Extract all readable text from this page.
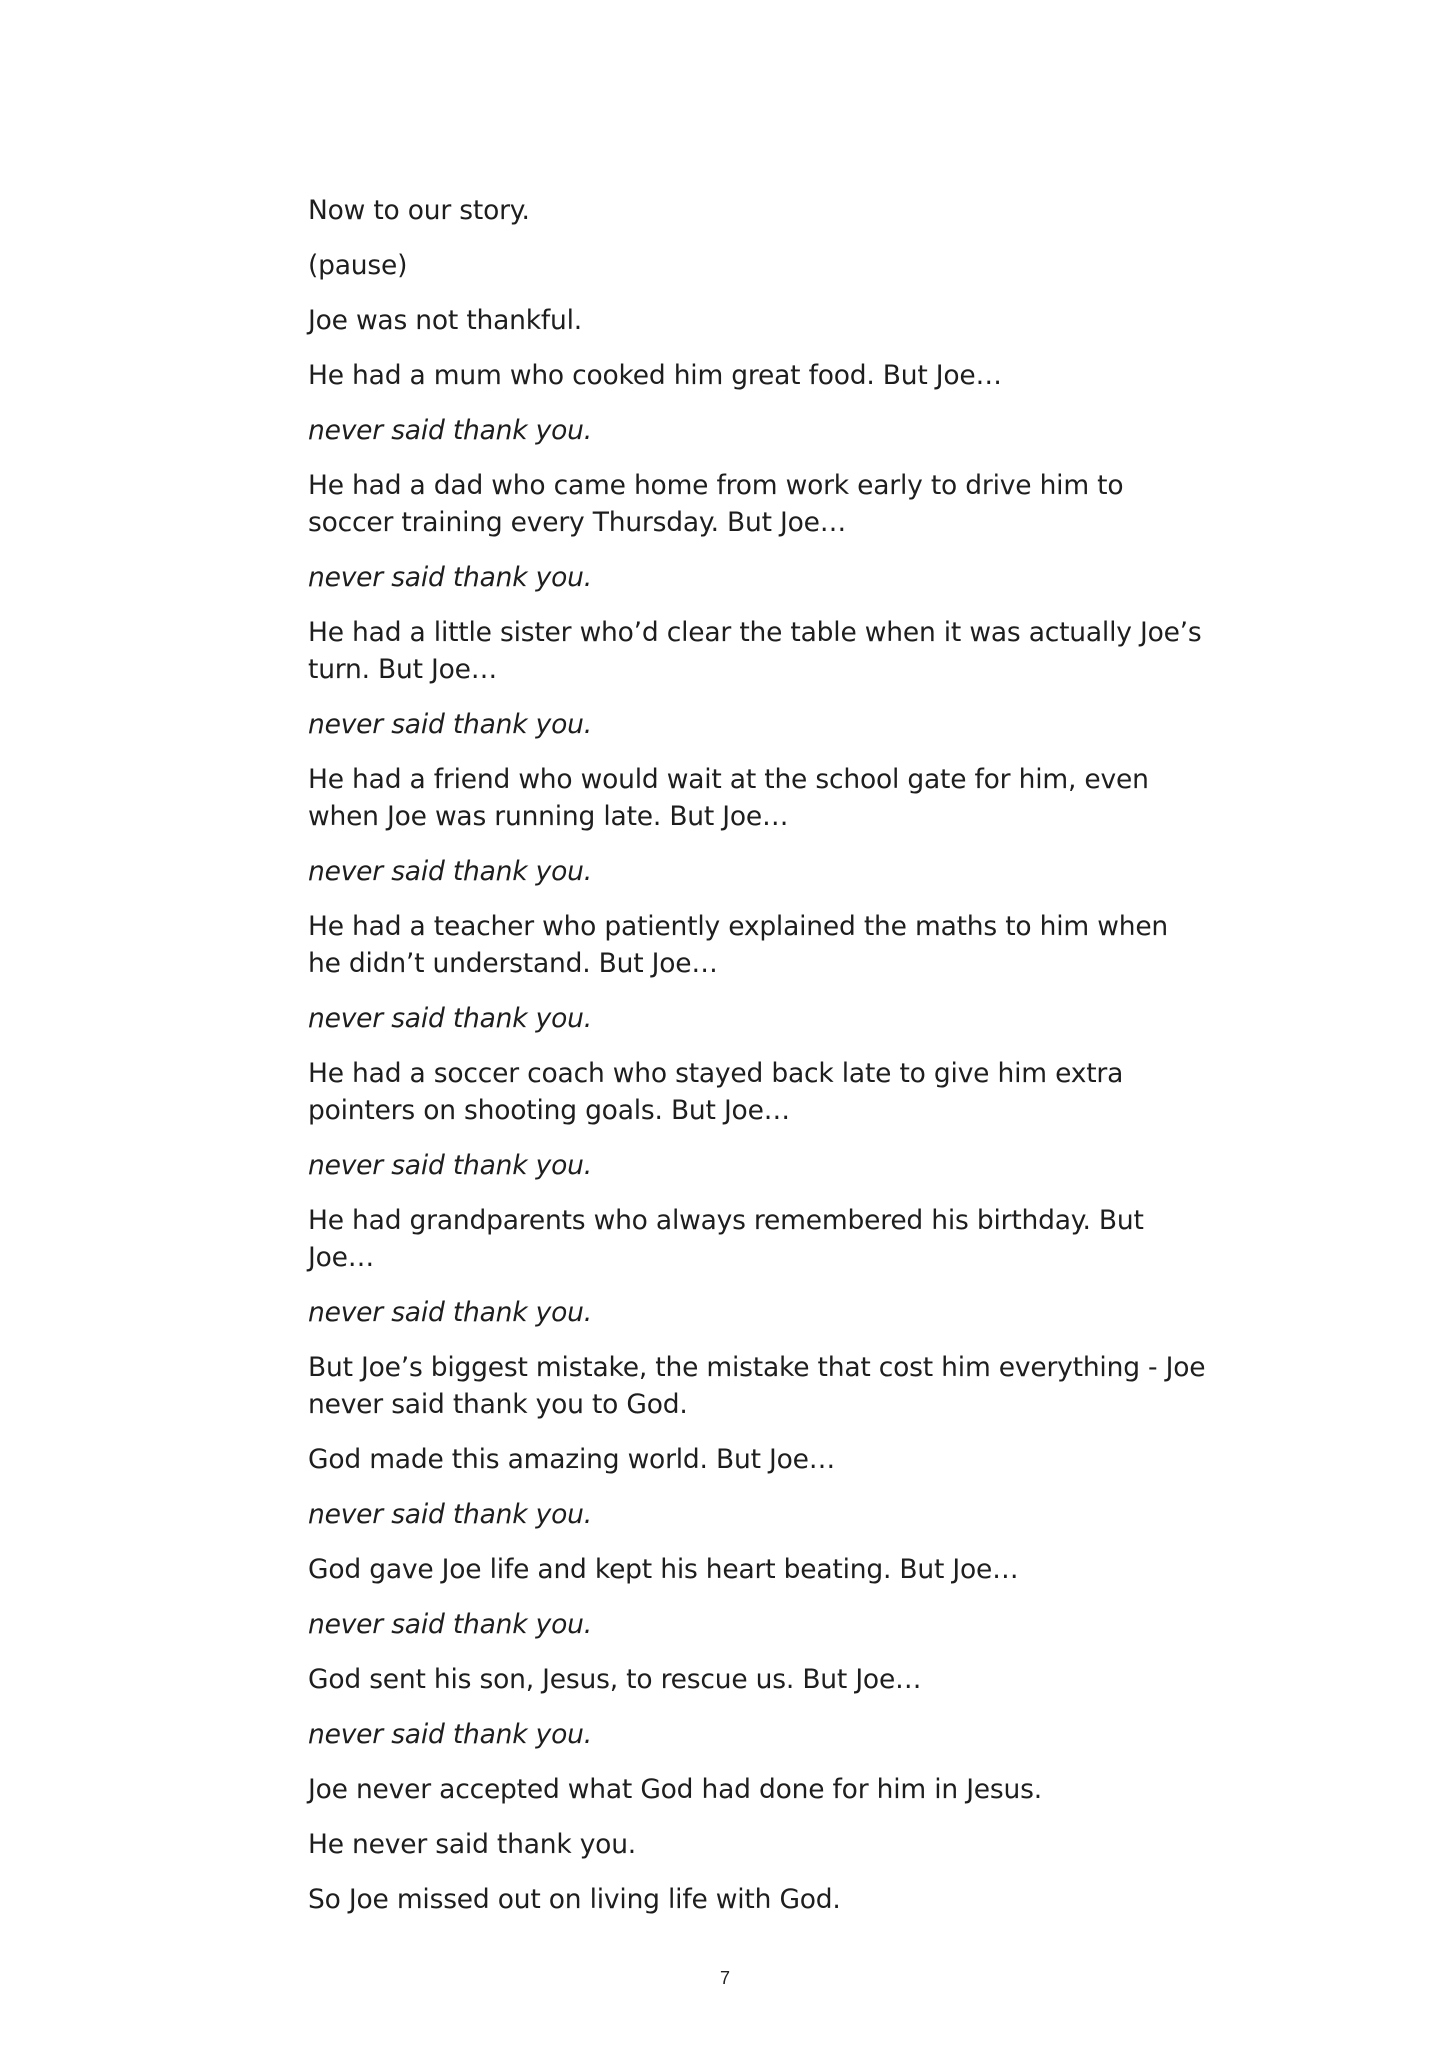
Now to our story.

(pause)

Joe was not thankful.

He had a mum who cooked him great food. But Joe…

never said thank you.

He had a dad who came home from work early to drive him to soccer training every Thursday. But Joe…

never said thank you.

He had a little sister who’d clear the table when it was actually Joe’s turn. But Joe…

never said thank you.

He had a friend who would wait at the school gate for him, even when Joe was running late. But Joe…

never said thank you.

He had a teacher who patiently explained the maths to him when he didn’t understand. But Joe…

never said thank you.

He had a soccer coach who stayed back late to give him extra pointers on shooting goals. But Joe…

never said thank you.

He had grandparents who always remembered his birthday. But Joe…

never said thank you.

But Joe’s biggest mistake, the mistake that cost him everything - Joe never said thank you to God.

God made this amazing world. But Joe…

never said thank you.

God gave Joe life and kept his heart beating. But Joe…

never said thank you.

God sent his son, Jesus, to rescue us. But Joe…

never said thank you.

Joe never accepted what God had done for him in Jesus.

He never said thank you.

So Joe missed out on living life with God.

7
